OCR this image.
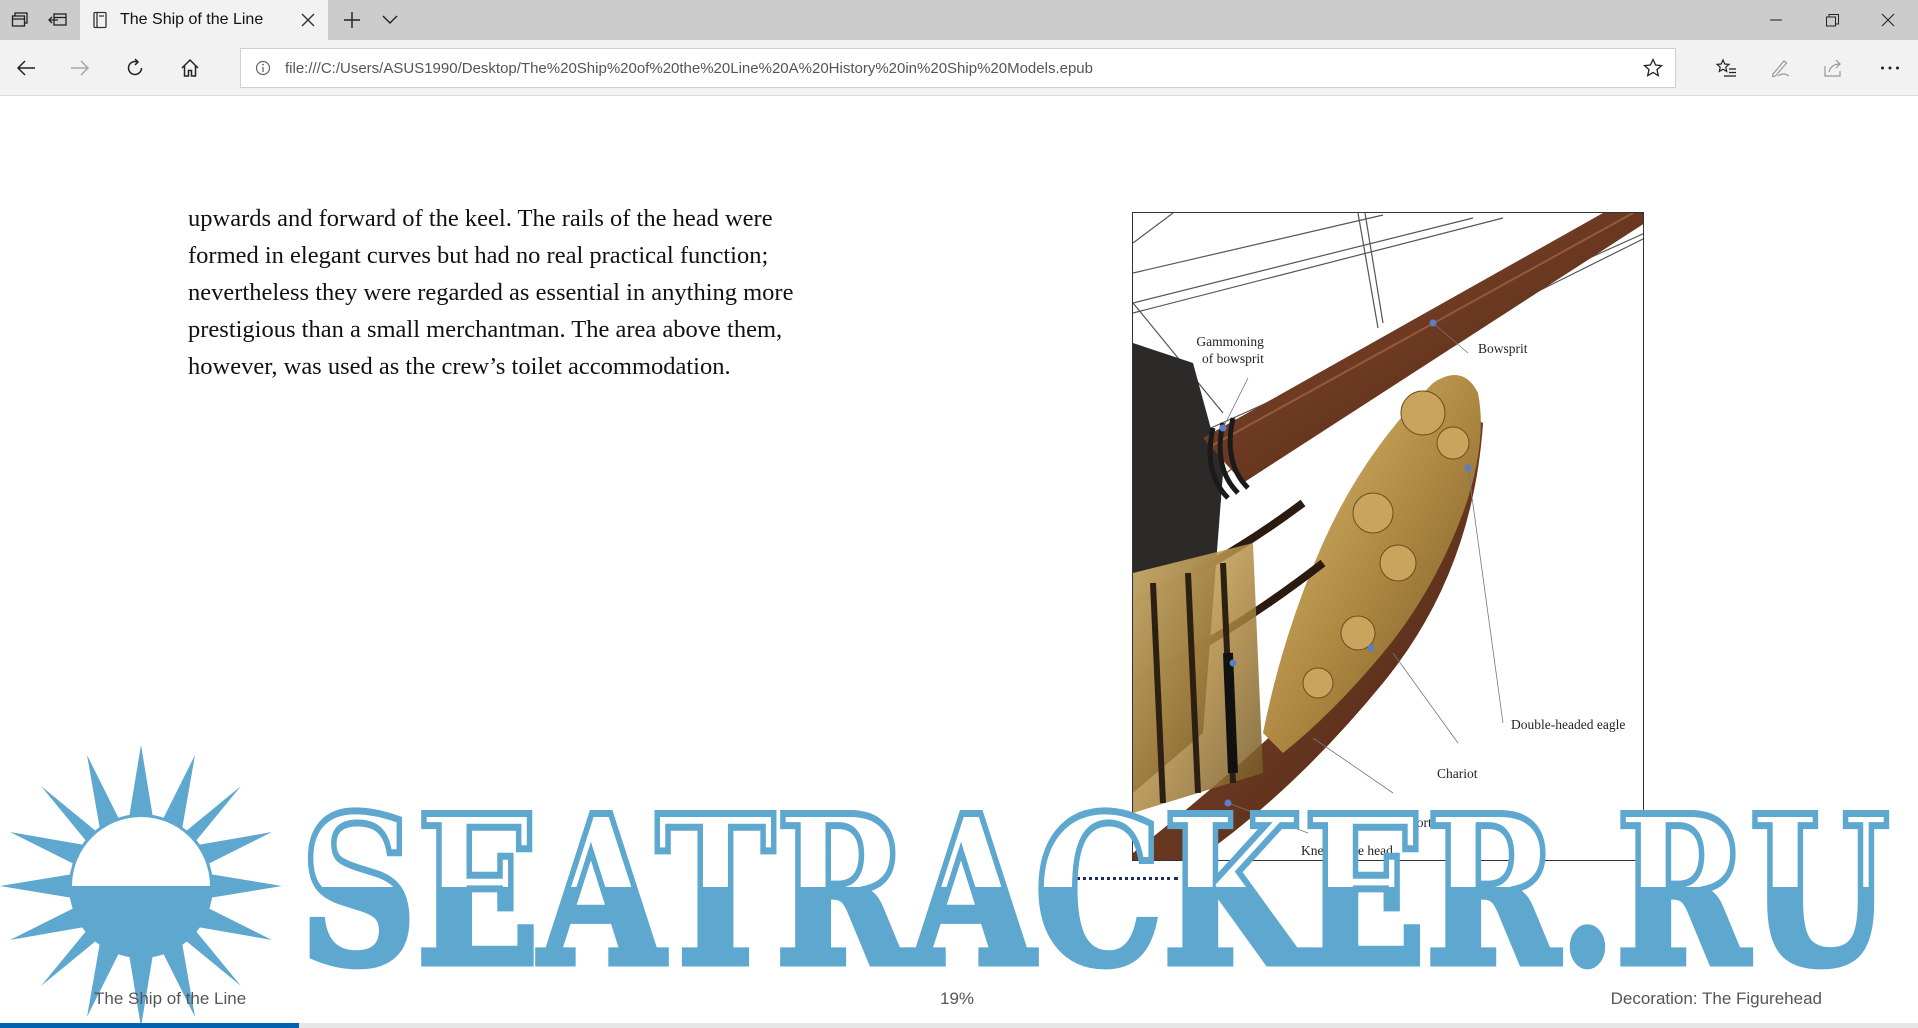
The Ship of the Line
file:///C:/Users/ASUS1990/Desktop/The%20Ship%20of%20the%20Line%20A%20History%20in%20Ship%20Models.epub

upwards and forward of the keel. The rails of the head were formed in elegant curves but had no real practical function; nevertheless they were regarded as essential in anything more prestigious than a small merchantman. The area above them, however, was used as the crew’s toilet accommodation.

Gammoning
of bowsprit
Bowsprit
Double-headed eagle
Chariot
Supporters
Knee of the head
SEATRACKER.RU
The Ship of the Line	19%	Decoration: The Figurehead
